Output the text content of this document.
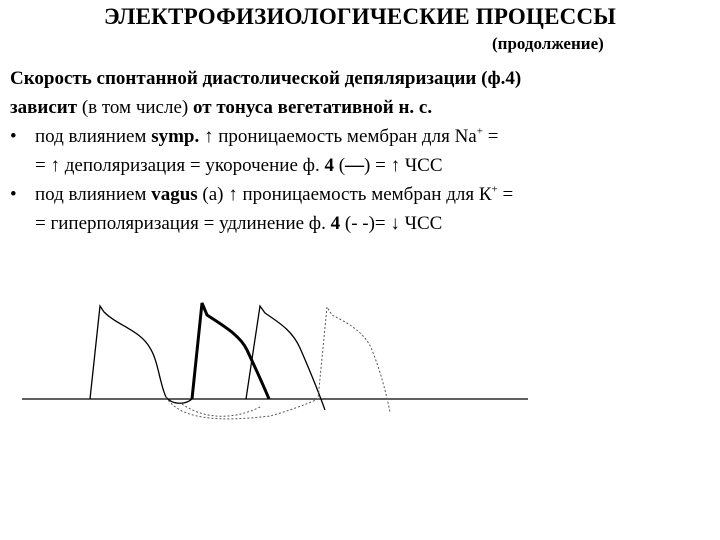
ЭЛЕКТРОФИЗИОЛОГИЧЕСКИЕ ПРОЦЕССЫ
(продолжение)
Скорость спонтанной диастолической депяляризации (ф.4)
зависит (в том числе) от тонуса вегетативной н. с.
• под влиянием symp. ↑ проницаемость мембран для Na+ =
= ↑ деполяризация = укорочение ф. 4 (—) = ↑ ЧСС
• под влиянием vagus (а) ↑ проницаемость мембран для К+ =
= гиперполяризация = удлинение ф. 4 (- -)= ↓ ЧСС
